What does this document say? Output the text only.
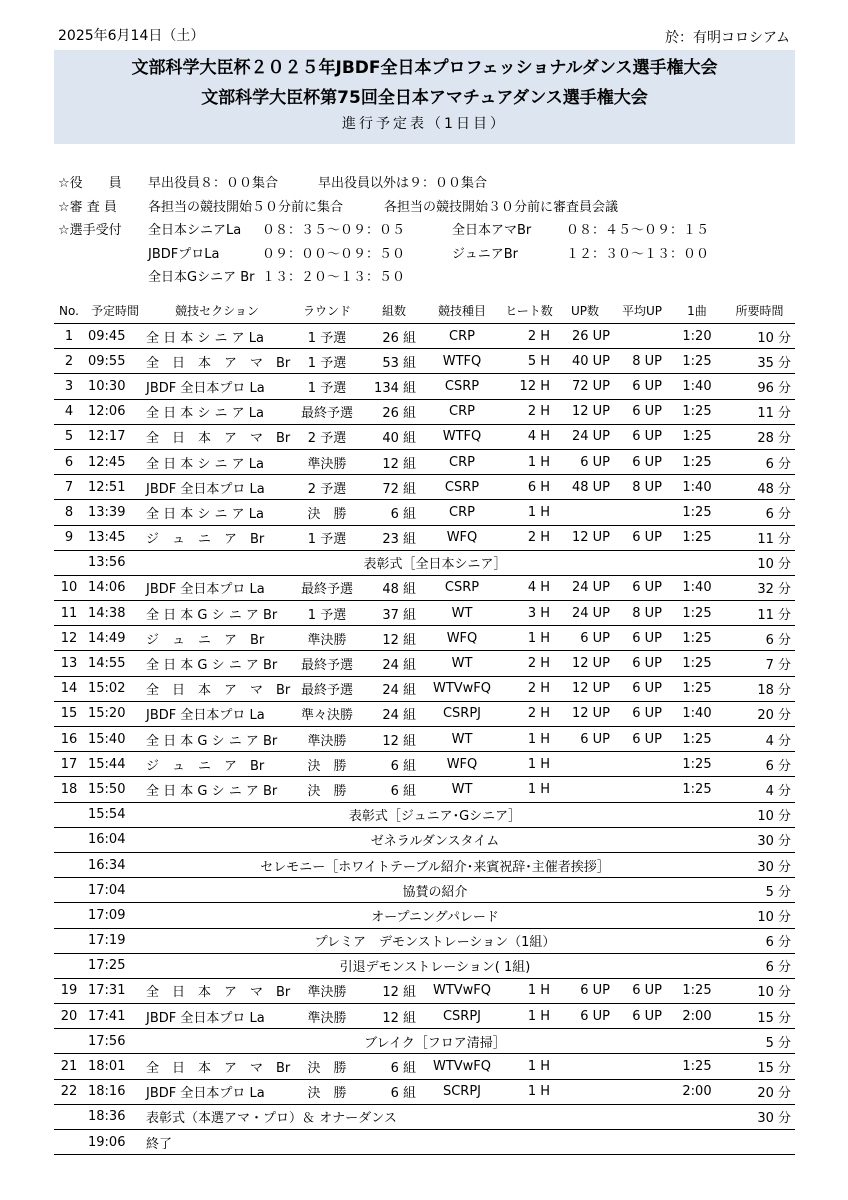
2025年6月14日（土）	於：有明コロシアム
文部科学大臣杯２０２５年JBDF全日本プロフェッショナルダンス選手権大会
文部科学大臣杯第75回全日本アマチュアダンス選手権大会
進行予定表（1日目）
☆役　　員 早出役員８：００集合	早出役員以外は９：００集合
☆審 査 員 各担当の競技開始５０分前に集合	各担当の競技開始３０分前に審査員会議
☆選手受付 全日本シニアLa ０８：３５～０９：０５	全日本アマBr	０８：４５～０９：１５
JBDFプロLa	０９：００～０９：５０	ジュニアBr	１２：３０～１３：００
全日本Gシニア Br １３：２０～１３：５０
No.	予定時間	競技セクション	ラウンド	組数	競技種目	ヒート数	UP数	平均UP	1曲	所要時間
1	09:45	全 日 本 シ ニ ア La	1 予選	26 組	CRP	2 H	26 UP		1:20	10 分
2	09:55	全　日　本　ア　マ　Br	1 予選	53 組	WTFQ	5 H	40 UP	8 UP	1:25	35 分
3	10:30	JBDF 全日本プロ La	1 予選	134 組	CSRP	12 H	72 UP	6 UP	1:40	96 分
4	12:06	全 日 本 シ ニ ア La	最終予選	26 組	CRP	2 H	12 UP	6 UP	1:25	11 分
5	12:17	全　日　本　ア　マ　Br	2 予選	40 組	WTFQ	4 H	24 UP	6 UP	1:25	28 分
6	12:45	全 日 本 シ ニ ア La	準決勝	12 組	CRP	1 H	6 UP	6 UP	1:25	6 分
7	12:51	JBDF 全日本プロ La	2 予選	72 組	CSRP	6 H	48 UP	8 UP	1:40	48 分
8	13:39	全 日 本 シ ニ ア La	決　勝	6 組	CRP	1 H			1:25	6 分
9	13:45	ジ　ュ　ニ　ア　Br	1 予選	23 組	WFQ	2 H	12 UP	6 UP	1:25	11 分
	13:56	表彰式［全日本シニア］								10 分
10	14:06	JBDF 全日本プロ La	最終予選	48 組	CSRP	4 H	24 UP	6 UP	1:40	32 分
11	14:38	全 日 本 G シ ニ ア Br	1 予選	37 組	WT	3 H	24 UP	8 UP	1:25	11 分
12	14:49	ジ　ュ　ニ　ア　Br	準決勝	12 組	WFQ	1 H	6 UP	6 UP	1:25	6 分
13	14:55	全 日 本 G シ ニ ア Br	最終予選	24 組	WT	2 H	12 UP	6 UP	1:25	7 分
14	15:02	全　日　本　ア　マ　Br	最終予選	24 組	WTVwFQ	2 H	12 UP	6 UP	1:25	18 分
15	15:20	JBDF 全日本プロ La	準々決勝	24 組	CSRPJ	2 H	12 UP	6 UP	1:40	20 分
16	15:40	全 日 本 G シ ニ ア Br	準決勝	12 組	WT	1 H	6 UP	6 UP	1:25	4 分
17	15:44	ジ　ュ　ニ　ア　Br	決　勝	6 組	WFQ	1 H			1:25	6 分
18	15:50	全 日 本 G シ ニ ア Br	決　勝	6 組	WT	1 H			1:25	4 分
	15:54	表彰式［ジュニア･Gシニア］								10 分
	16:04	ゼネラルダンスタイム								30 分
	16:34	セレモニー［ホワイトテーブル紹介･来賓祝辞･主催者挨拶］								30 分
	17:04	協賛の紹介								5 分
	17:09	オープニングパレード								10 分
	17:19	プレミア　デモンストレーション（1組）								6 分
	17:25	引退デモンストレーション( 1組)								6 分
19	17:31	全　日　本　ア　マ　Br	準決勝	12 組	WTVwFQ	1 H	6 UP	6 UP	1:25	10 分
20	17:41	JBDF 全日本プロ La	準決勝	12 組	CSRPJ	1 H	6 UP	6 UP	2:00	15 分
	17:56	ブレイク［フロア清掃］								5 分
21	18:01	全　日　本　ア　マ　Br	決　勝	6 組	WTVwFQ	1 H			1:25	15 分
22	18:16	JBDF 全日本プロ La	決　勝	6 組	SCRPJ	1 H			2:00	20 分
	18:36	表彰式（本選アマ・プロ）＆ オナーダンス								30 分
	19:06	終了								
